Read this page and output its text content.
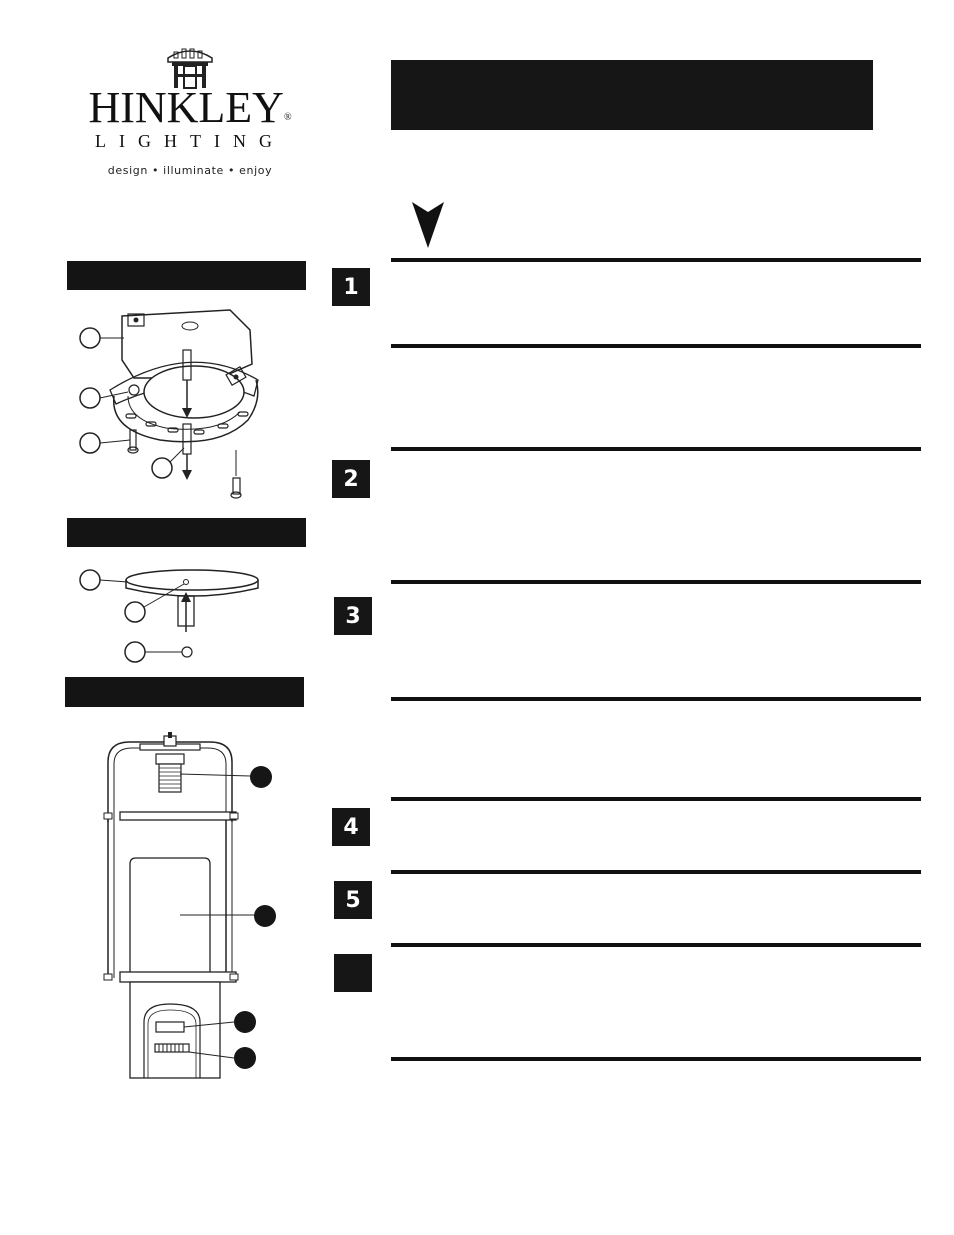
HINKLEY®
LIGHTING
design • illuminate • enjoy
1
2
3
4
5
